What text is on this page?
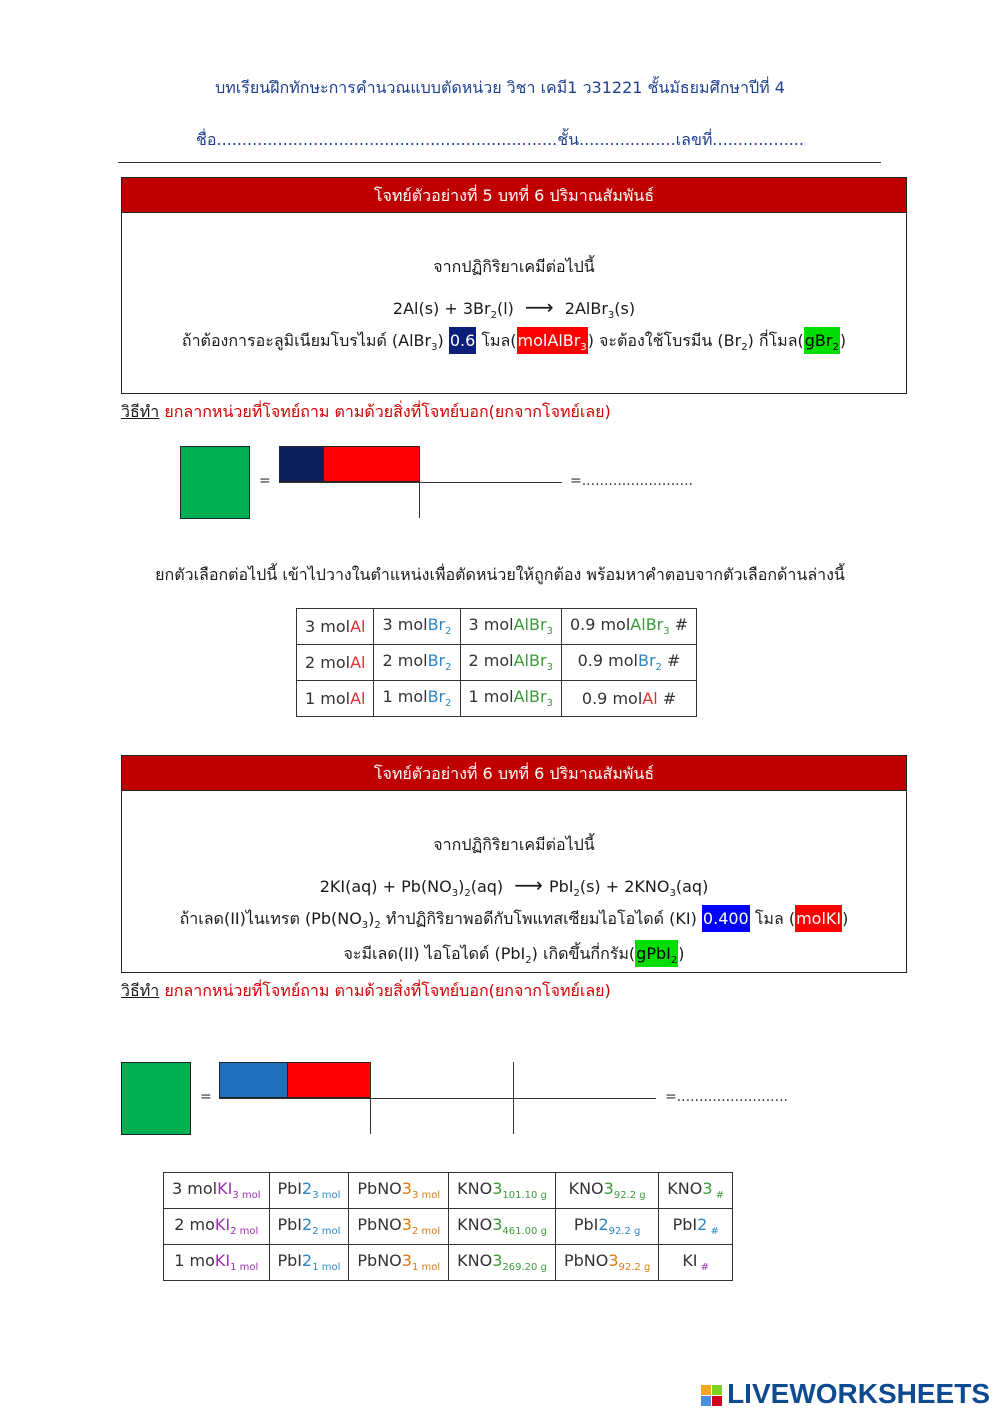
บทเรียนฝึกทักษะการคำนวณแบบตัดหน่วย วิชา เคมี1 ว31221 ชั้นมัธยมศึกษาปีที่ 4
ชื่อ...................................................................ชั้น...................เลขที่..................
โจทย์ตัวอย่างที่ 5 บทที่ 6 ปริมาณสัมพันธ์
จากปฏิกิริยาเคมีต่อไปนี้
$2Al(s) + 3Br_2(l)$ ⟶ 2AlBr$_3$(s)
ถ้าต้องการอะลูมิเนียมโบรไมด์ (AlBr$_3$) 0.6 โมล(molAlBr$_3$) จะต้องใช้โบรมีน $(Br_2)$ กี่โมล(gBr$_2$)
วิธีทำ ยกลากหน่วยที่โจทย์ถาม ตามด้วยสิ่งที่โจทย์บอก(ยกจากโจทย์เลย)
=	=.........................
ยกตัวเลือกต่อไปนี้ เข้าไปวางในตำแหน่งเพื่อตัดหน่วยให้ถูกต้อง พร้อมหาคำตอบจากตัวเลือกด้านล่างนี้
3 molAl	3 molBr$_2$	3 molAlBr$_3$	0.9 molAlBr$_3$ #
2 molAl	2 molBr$_2$	2 molAlBr$_3$	0.9 molBr$_2$ #
1 molAl	1 molBr$_2$	1 molAlBr$_3$	0.9 molAl #
โจทย์ตัวอย่างที่ 6 บทที่ 6 ปริมาณสัมพันธ์
จากปฏิกิริยาเคมีต่อไปนี้
$2KI(aq) + Pb(NO_3)_2(aq)$ ⟶ $PbI_2(s) + 2KNO_3(aq)$
ถ้าเลด(II)ไนเทรต ($Pb(NO_3)_2$ ทำปฏิกิริยาพอดีกับโพแทสเซียมไอโอไดด์ (KI) 0.400 โมล (molKI)
จะมีเลด(II) ไอโอไดด์ (PbI$_2$) เกิดขึ้นกี่กรัม(gPbI$_2$)
วิธีทำ ยกลากหน่วยที่โจทย์ถาม ตามด้วยสิ่งที่โจทย์บอก(ยกจากโจทย์เลย)
=	=.........................
3 molKI$_{3 mol}$	$PbI2_{3 mol}$	$PbNO3_{3 mol}$	$KNO3_{101.10 g}$	$KNO3_{92.2 g}$	KNO3 $_{\#}$
2 moKI$_{2 mol}$	$PbI2_{2 mol}$	$PbNO3_{2 mol}$	$KNO3_{461.00 g}$	$PbI2_{92.2 g}$	PbI2 $_{\#}$
1 moKI$_{1 mol}$	$PbI2_{1 mol}$	$PbNO3_{1 mol}$	$KNO3_{269.20 g}$	$PbNO3_{92.2 g}$	KI $_{\#}$
LIVEWORKSHEETS
